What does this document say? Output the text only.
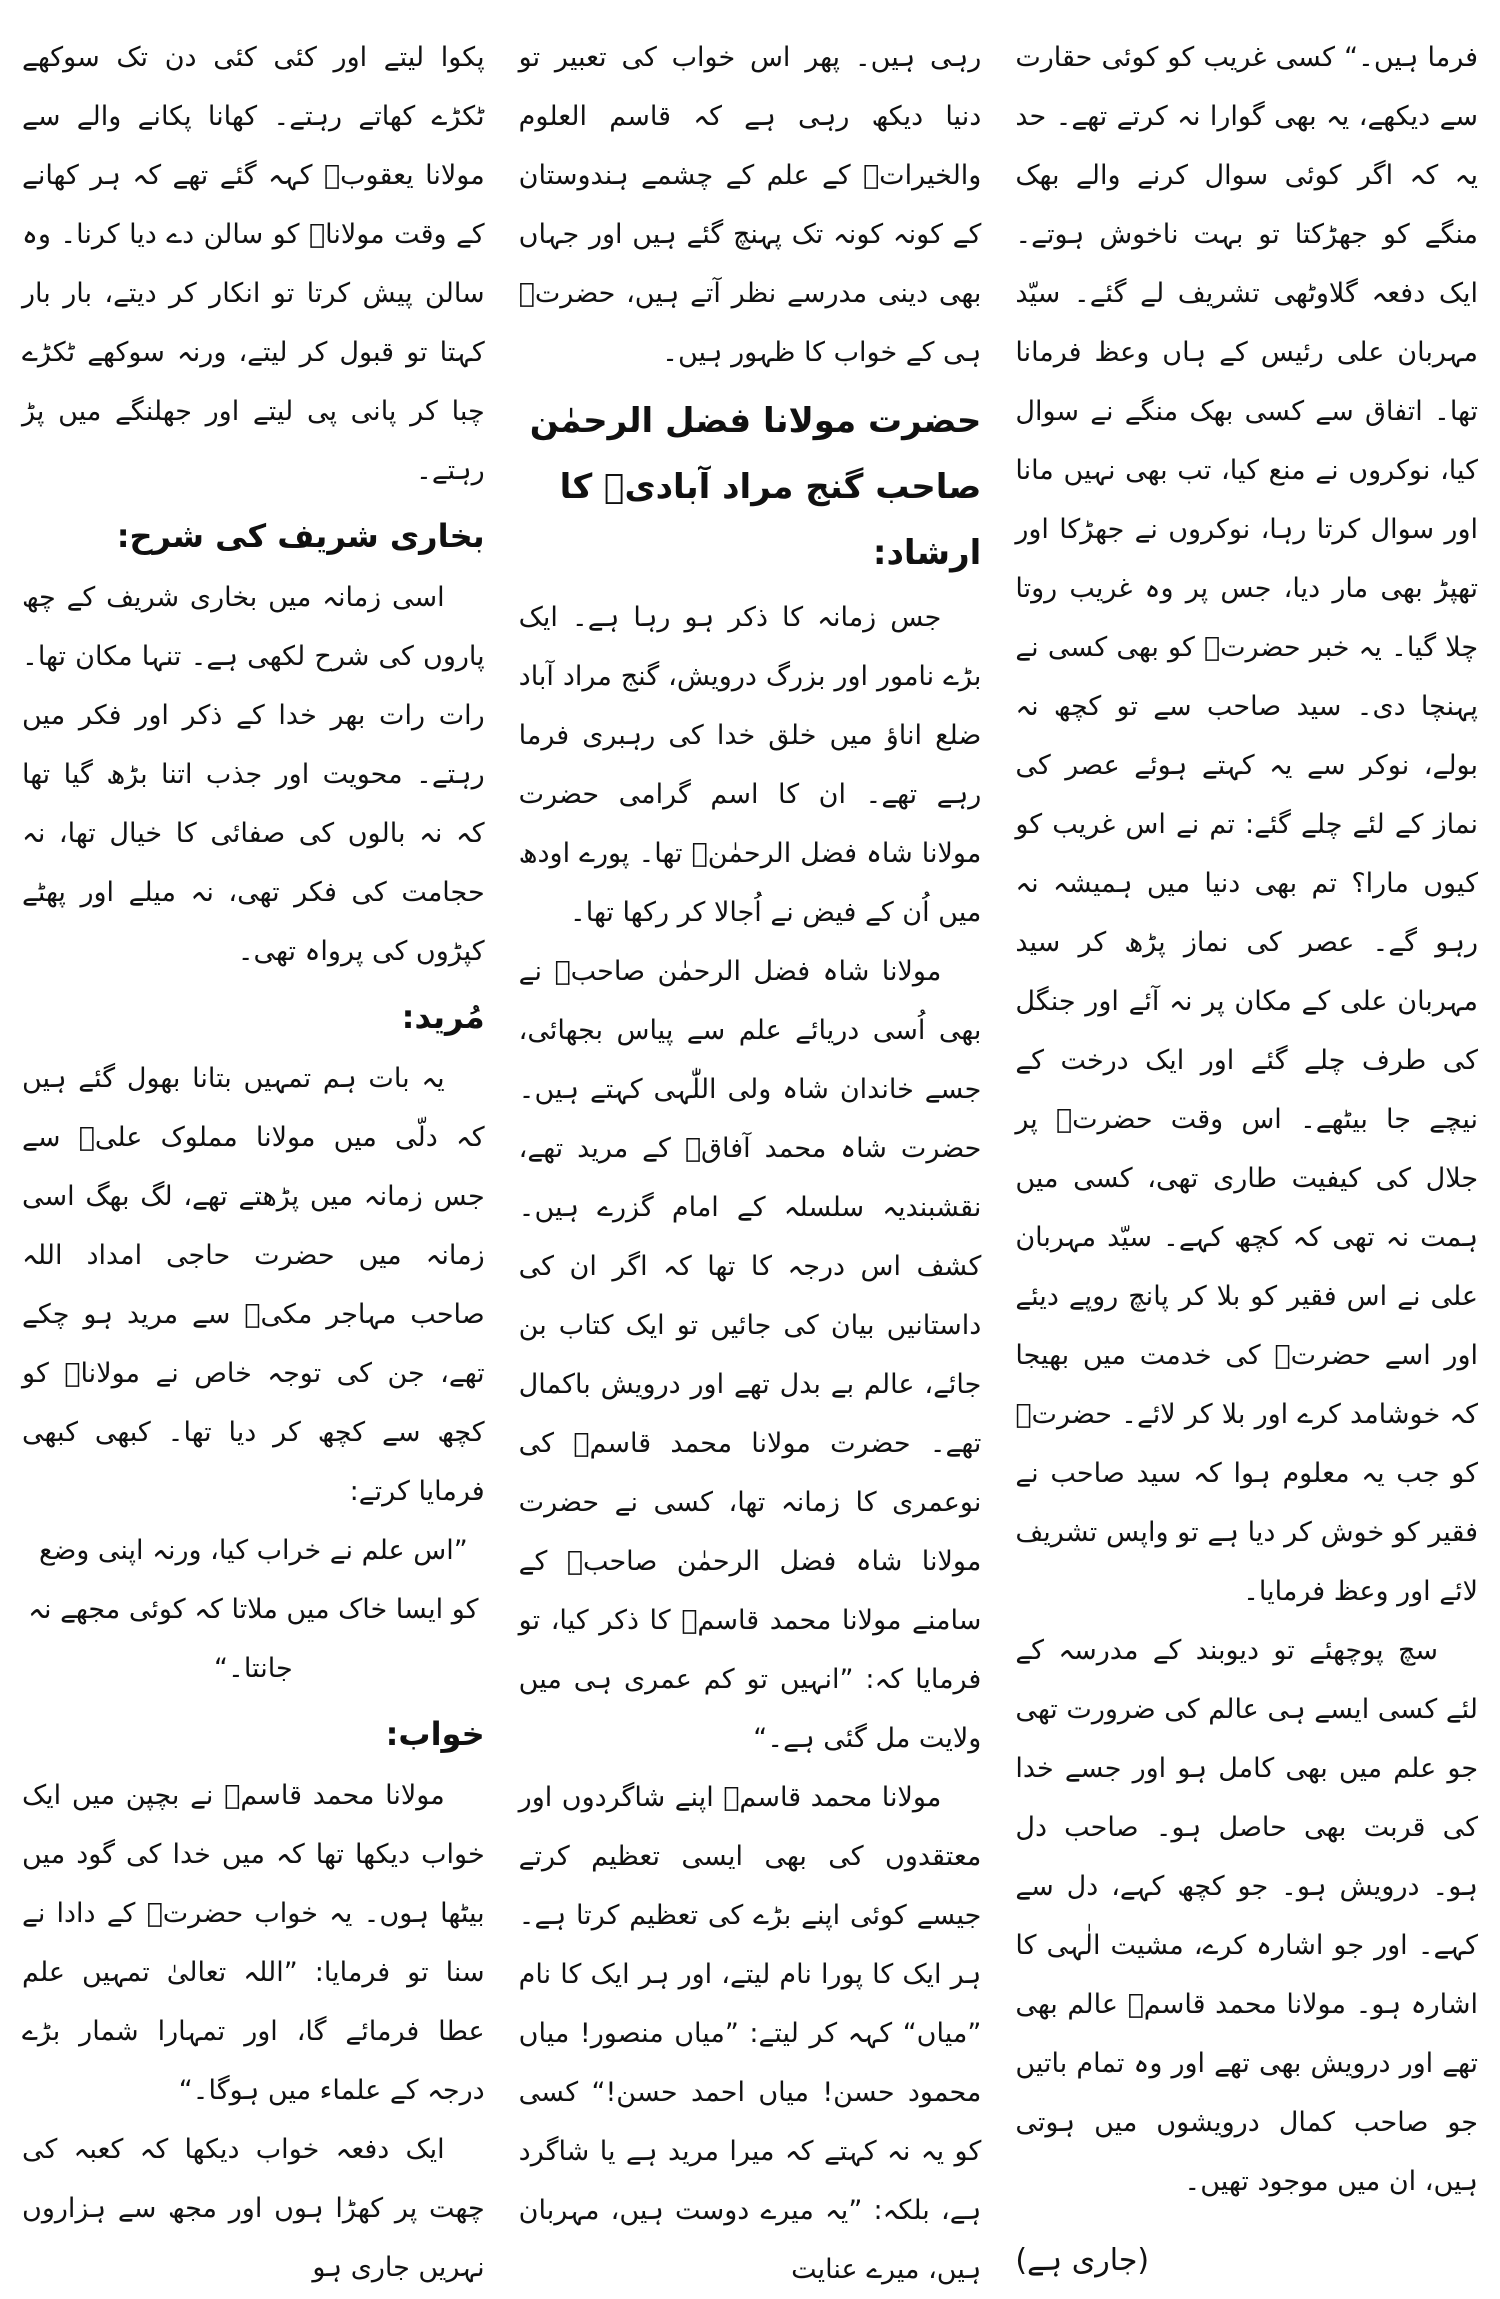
پکوا لیتے اور کئی کئی دن تک سوکھے ٹکڑے کھاتے رہتے۔ کھانا پکانے والے سے مولانا یعقوبؒ کہہ گئے تھے کہ ہر کھانے کے وقت مولاناؒ کو سالن دے دیا کرنا۔ وہ سالن پیش کرتا تو انکار کر دیتے، بار بار کہتا تو قبول کر لیتے، ورنہ سوکھے ٹکڑے چبا کر پانی پی لیتے اور جھلنگے میں پڑ رہتے۔

بخاری شریف کی شرح:

اسی زمانہ میں بخاری شریف کے چھ پاروں کی شرح لکھی ہے۔ تنہا مکان تھا۔ رات رات بھر خدا کے ذکر اور فکر میں رہتے۔ محویت اور جذب اتنا بڑھ گیا تھا کہ نہ بالوں کی صفائی کا خیال تھا، نہ حجامت کی فکر تھی، نہ میلے اور پھٹے کپڑوں کی پرواہ تھی۔

مُرید:

یہ بات ہم تمہیں بتانا بھول گئے ہیں کہ دلّی میں مولانا مملوک علیؒ سے جس زمانہ میں پڑھتے تھے، لگ بھگ اسی زمانہ میں حضرت حاجی امداد اللہ صاحب مہاجر مکیؒ سے مرید ہو چکے تھے، جن کی توجہ خاص نے مولاناؒ کو کچھ سے کچھ کر دیا تھا۔ کبھی کبھی فرمایا کرتے:

”اس علم نے خراب کیا، ورنہ اپنی وضع کو ایسا خاک میں ملاتا کہ کوئی مجھے نہ جانتا۔“

خواب:

مولانا محمد قاسمؒ نے بچپن میں ایک خواب دیکھا تھا کہ میں خدا کی گود میں بیٹھا ہوں۔ یہ خواب حضرتؒ کے دادا نے سنا تو فرمایا: ”اللہ تعالیٰ تمہیں علم عطا فرمائے گا، اور تمہارا شمار بڑے درجہ کے علماء میں ہوگا۔“

ایک دفعہ خواب دیکھا کہ کعبہ کی چھت پر کھڑا ہوں اور مجھ سے ہزاروں نہریں جاری ہو

رہی ہیں۔ پھر اس خواب کی تعبیر تو دنیا دیکھ رہی ہے کہ قاسم العلوم والخیراتؒ کے علم کے چشمے ہندوستان کے کونہ کونہ تک پہنچ گئے ہیں اور جہاں بھی دینی مدرسے نظر آتے ہیں، حضرتؒ ہی کے خواب کا ظہور ہیں۔

حضرت مولانا فضل الرحمٰن صاحب گنج مراد آبادیؒ کا ارشاد:

جس زمانہ کا ذکر ہو رہا ہے۔ ایک بڑے نامور اور بزرگ درویش، گنج مراد آباد ضلع اناؤ میں خلق خدا کی رہبری فرما رہے تھے۔ ان کا اسم گرامی حضرت مولانا شاہ فضل الرحمٰنؒ تھا۔ پورے اودھ میں اُن کے فیض نے اُجالا کر رکھا تھا۔

مولانا شاہ فضل الرحمٰن صاحبؒ نے بھی اُسی دریائے علم سے پیاس بجھائی، جسے خاندان شاہ ولی اللّٰہی کہتے ہیں۔ حضرت شاہ محمد آفاقؒ کے مرید تھے، نقشبندیہ سلسلہ کے امام گزرے ہیں۔ کشف اس درجہ کا تھا کہ اگر ان کی داستانیں بیان کی جائیں تو ایک کتاب بن جائے، عالم بے بدل تھے اور درویش باکمال تھے۔ حضرت مولانا محمد قاسمؒ کی نوعمری کا زمانہ تھا، کسی نے حضرت مولانا شاہ فضل الرحمٰن صاحبؒ کے سامنے مولانا محمد قاسمؒ کا ذکر کیا، تو فرمایا کہ: ”انہیں تو کم عمری ہی میں ولایت مل گئی ہے۔“

مولانا محمد قاسمؒ اپنے شاگردوں اور معتقدوں کی بھی ایسی تعظیم کرتے جیسے کوئی اپنے بڑے کی تعظیم کرتا ہے۔ ہر ایک کا پورا نام لیتے، اور ہر ایک کا نام ”میاں“ کہہ کر لیتے: ”میاں منصور! میاں محمود حسن! میاں احمد حسن!“ کسی کو یہ نہ کہتے کہ میرا مرید ہے یا شاگرد ہے، بلکہ: ”یہ میرے دوست ہیں، مہربان ہیں، میرے عنایت

فرما ہیں۔“ کسی غریب کو کوئی حقارت سے دیکھے، یہ بھی گوارا نہ کرتے تھے۔ حد یہ کہ اگر کوئی سوال کرنے والے بھک منگے کو جھڑکتا تو بہت ناخوش ہوتے۔ ایک دفعہ گلاوٹھی تشریف لے گئے۔ سیّد مہربان علی رئیس کے ہاں وعظ فرمانا تھا۔ اتفاق سے کسی بھک منگے نے سوال کیا، نوکروں نے منع کیا، تب بھی نہیں مانا اور سوال کرتا رہا، نوکروں نے جھڑکا اور تھپڑ بھی مار دیا، جس پر وہ غریب روتا چلا گیا۔ یہ خبر حضرتؒ کو بھی کسی نے پہنچا دی۔ سید صاحب سے تو کچھ نہ بولے، نوکر سے یہ کہتے ہوئے عصر کی نماز کے لئے چلے گئے: تم نے اس غریب کو کیوں مارا؟ تم بھی دنیا میں ہمیشہ نہ رہو گے۔ عصر کی نماز پڑھ کر سید مہربان علی کے مکان پر نہ آئے اور جنگل کی طرف چلے گئے اور ایک درخت کے نیچے جا بیٹھے۔ اس وقت حضرتؒ پر جلال کی کیفیت طاری تھی، کسی میں ہمت نہ تھی کہ کچھ کہے۔ سیّد مہربان علی نے اس فقیر کو بلا کر پانچ روپے دیئے اور اسے حضرتؒ کی خدمت میں بھیجا کہ خوشامد کرے اور بلا کر لائے۔ حضرتؒ کو جب یہ معلوم ہوا کہ سید صاحب نے فقیر کو خوش کر دیا ہے تو واپس تشریف لائے اور وعظ فرمایا۔

سچ پوچھئے تو دیوبند کے مدرسہ کے لئے کسی ایسے ہی عالم کی ضرورت تھی جو علم میں بھی کامل ہو اور جسے خدا کی قربت بھی حاصل ہو۔ صاحب دل ہو۔ درویش ہو۔ جو کچھ کہے، دل سے کہے۔ اور جو اشارہ کرے، مشیت الٰہی کا اشارہ ہو۔ مولانا محمد قاسمؒ عالم بھی تھے اور درویش بھی تھے اور وہ تمام باتیں جو صاحب کمال درویشوں میں ہوتی ہیں، ان میں موجود تھیں۔

(جاری ہے)
